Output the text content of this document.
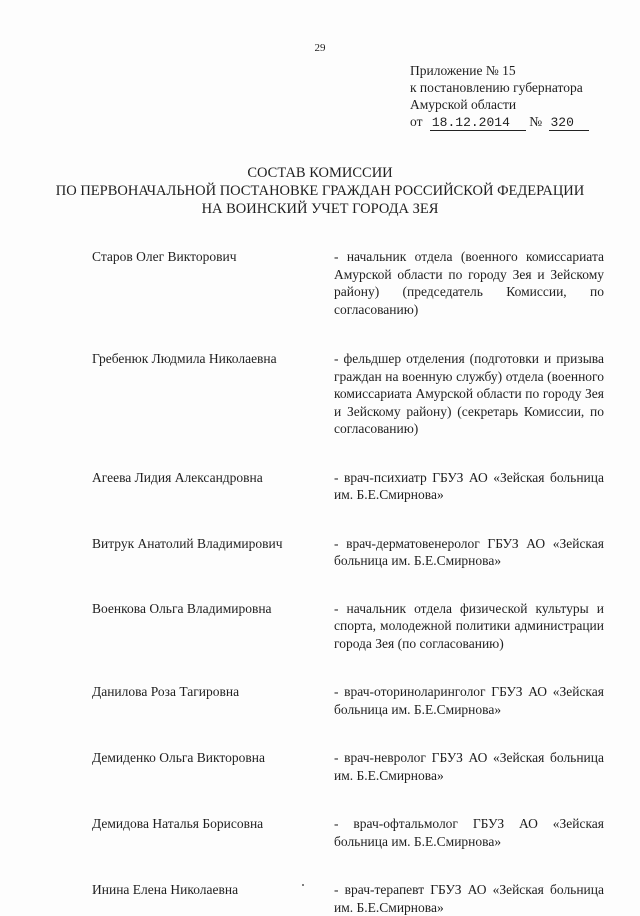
29
Приложение № 15
к постановлению губернатора
Амурской области
от 18.12.2014 № 320
СОСТАВ КОМИССИИ
ПО ПЕРВОНАЧАЛЬНОЙ ПОСТАНОВКЕ ГРАЖДАН РОССИЙСКОЙ ФЕДЕРАЦИИ
НА ВОИНСКИЙ УЧЕТ ГОРОДА ЗЕЯ
Старов Олег Викторович	- начальник отдела (военного комиссариата Амурской области по городу Зея и Зейскому району) (председатель Комиссии, по согласованию)
Гребенюк Людмила Николаевна	- фельдшер отделения (подготовки и призыва граждан на военную службу) отдела (военного комиссариата Амурской области по городу Зея и Зейскому району) (секретарь Комиссии, по согласованию)
Агеева Лидия Александровна	- врач-психиатр ГБУЗ АО «Зейская больница им. Б.Е.Смирнова»
Витрук Анатолий Владимирович	- врач-дерматовенеролог ГБУЗ АО «Зейская больница им. Б.Е.Смирнова»
Военкова Ольга Владимировна	- начальник отдела физической культуры и спорта, молодежной политики администрации города Зея (по согласованию)
Данилова Роза Тагировна	- врач-оториноларинголог ГБУЗ АО «Зейская больница им. Б.Е.Смирнова»
Демиденко Ольга Викторовна	- врач-невролог ГБУЗ АО «Зейская больница им. Б.Е.Смирнова»
Демидова Наталья Борисовна	- врач-офтальмолог ГБУЗ АО «Зейская больница им. Б.Е.Смирнова»
Инина Елена Николаевна	- врач-терапевт ГБУЗ АО «Зейская больница им. Б.Е.Смирнова»
